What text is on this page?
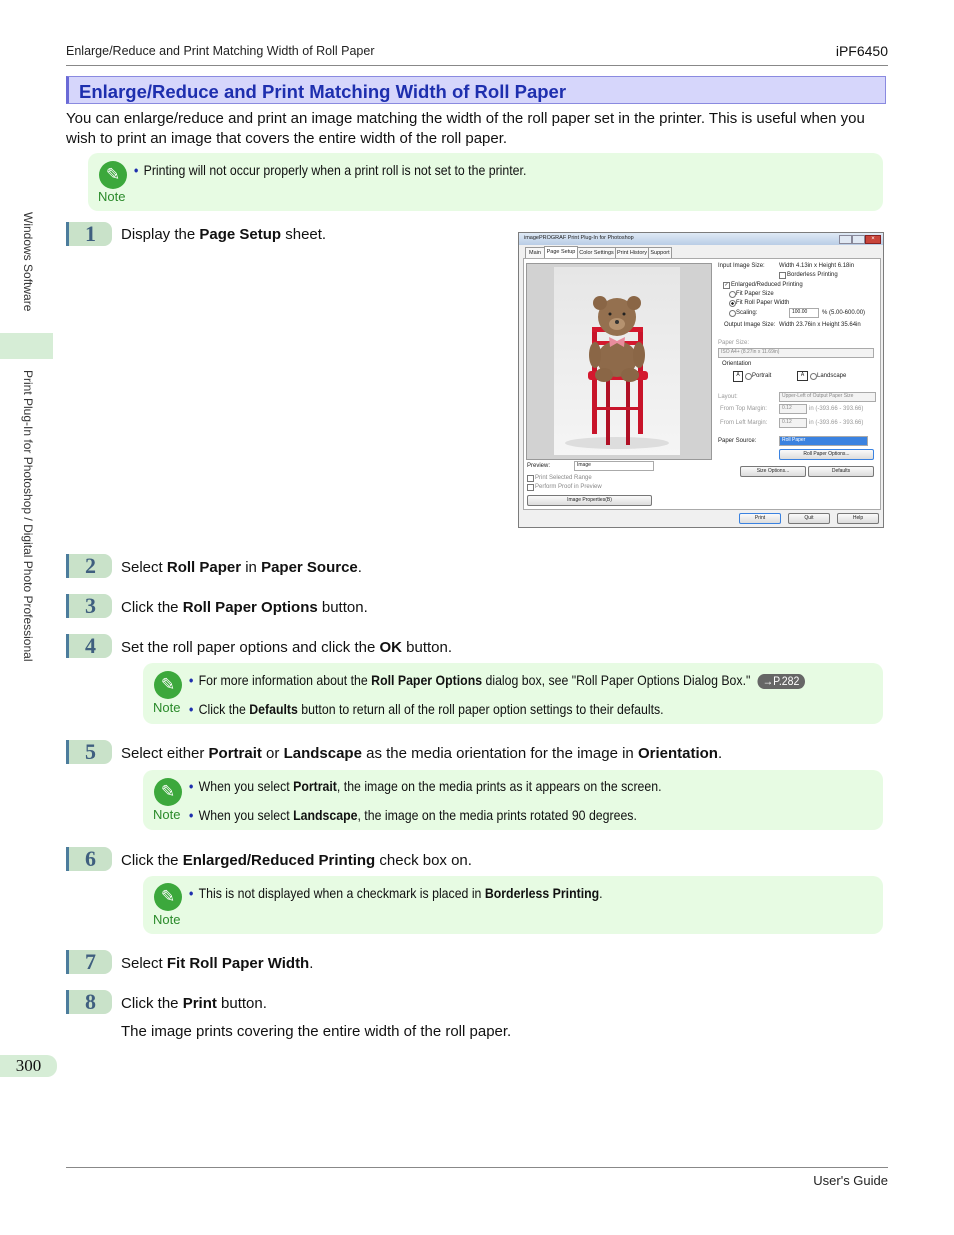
Enlarge/Reduce and Print Matching Width of Roll Paper	iPF6450
Windows Software
Print Plug-In for Photoshop / Digital Photo Professional
Enlarge/Reduce and Print Matching Width of Roll Paper
You can enlarge/reduce and print an image matching the width of the roll paper set in the printer. This is useful when you wish to print an image that covers the entire width of the roll paper.
✎
Note
• Printing will not occur properly when a print roll is not set to the printer.
1	Display the Page Setup sheet.	imagePROGRAF Print Plug-In for Photoshop	×
Main	Page Setup Color Settings Print History Support
Input Image Size: Width 4.13in x Height 6.18in
Borderless Printing
✓ Enlarged/Reduced Printing
Fit Paper Size
Fit Roll Paper Width
Scaling:	100.00	% (5.00-600.00)
Output Image Size: Width 23.76in x Height 35.64in
Paper Size:
ISO A4+ (8.27in x 11.69in)
Orientation
A	Portrait	A	Landscape
Layout:	Upper-Left of Output Paper Size
From Top Margin:	0.12	in (-393.66 - 393.66)
From Left Margin:	0.12	in (-393.66 - 393.66)
Paper Source:	Roll Paper
Roll Paper Options...
Size Options...	Defaults
Preview:	Image
Print Selected Range
Perform Proof in Preview
Image Properties(B)
Print	Quit	Help
2	Select Roll Paper in Paper Source.
3	Click the Roll Paper Options button.
4	Set the roll paper options and click the OK button.
✎
Note
• For more information about the Roll Paper Options dialog box, see "Roll Paper Options Dialog Box." →P.282
• Click the Defaults button to return all of the roll paper option settings to their defaults.
5	Select either Portrait or Landscape as the media orientation for the image in Orientation.
✎
Note
• When you select Portrait, the image on the media prints as it appears on the screen.
• When you select Landscape, the image on the media prints rotated 90 degrees.
6	Click the Enlarged/Reduced Printing check box on.
✎
Note
• This is not displayed when a checkmark is placed in Borderless Printing.
7	Select Fit Roll Paper Width.
8	Click the Print button.
The image prints covering the entire width of the roll paper.
300
User's Guide
